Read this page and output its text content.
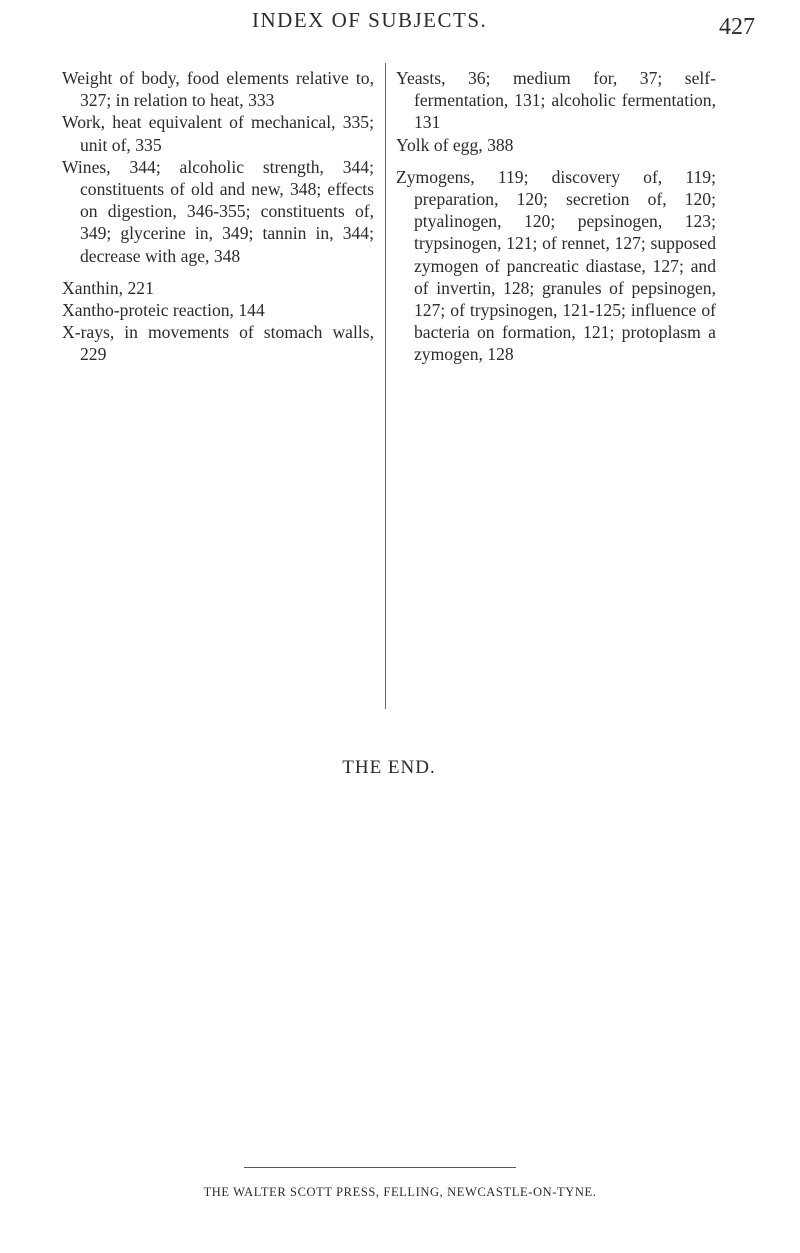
INDEX OF SUBJECTS.	427

Weight of body, food elements relative to, 327; in relation to heat, 333

Work, heat equivalent of mechanical, 335; unit of, 335

Wines, 344; alcoholic strength, 344; constituents of old and new, 348; effects on digestion, 346-355; constituents of, 349; glycerine in, 349; tannin in, 344; decrease with age, 348

Xanthin, 221

Xantho-proteic reaction, 144

X-rays, in movements of stomach walls, 229

Yeasts, 36; medium for, 37; self-fermentation, 131; alcoholic fermentation, 131

Yolk of egg, 388

Zymogens, 119; discovery of, 119; preparation, 120; secretion of, 120; ptyalinogen, 120; pepsinogen, 123; trypsinogen, 121; of rennet, 127; supposed zymogen of pancreatic diastase, 127; and of invertin, 128; granules of pepsinogen, 127; of trypsinogen, 121-125; influence of bacteria on formation, 121; protoplasm a zymogen, 128

THE END.
THE WALTER SCOTT PRESS, FELLING, NEWCASTLE-ON-TYNE.
